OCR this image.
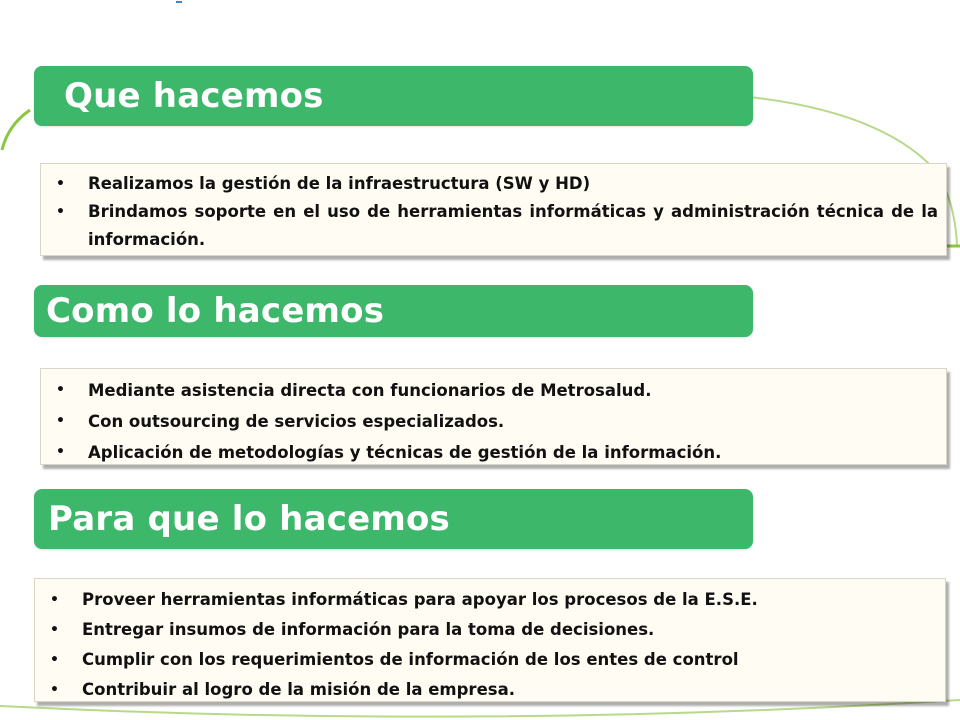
Que hacemos
• Realizamos la gestión de la infraestructura (SW y HD)
• Brindamos soporte en el uso de herramientas informáticas y administración técnica de la información.
Como lo hacemos
• Mediante asistencia directa con funcionarios de Metrosalud.
• Con outsourcing de servicios especializados.
• Aplicación de metodologías y técnicas de gestión de la información.
Para que lo hacemos
• Proveer herramientas informáticas para apoyar los procesos de la E.S.E.
• Entregar insumos de información para la toma de decisiones.
• Cumplir con los requerimientos de información de los entes de control
• Contribuir al logro de la misión de la empresa.
